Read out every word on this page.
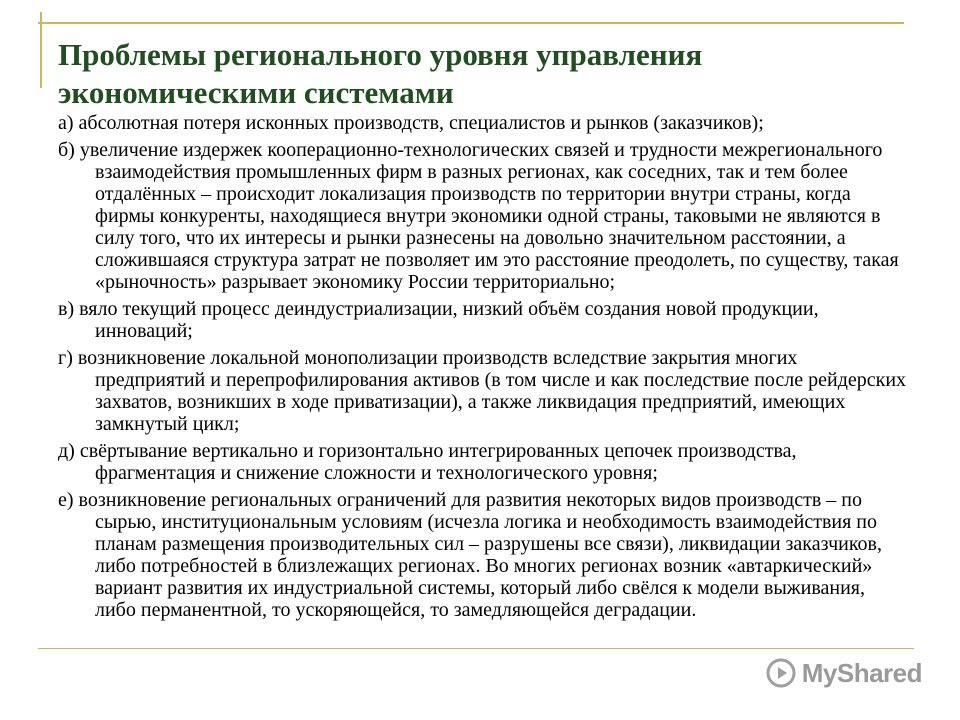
Проблемы регионального уровня управления экономическими системами

а) абсолютная потеря исконных производств, специалистов и рынков (заказчиков);

б) увеличение издержек кооперационно-технологических связей и трудности межрегионального взаимодействия промышленных фирм в разных регионах, как соседних, так и тем более отдалённых – происходит локализация производств по территории внутри страны, когда фирмы конкуренты, находящиеся внутри экономики одной страны, таковыми не являются в силу того, что их интересы и рынки разнесены на довольно значительном расстоянии, а сложившаяся структура затрат не позволяет им это расстояние преодолеть, по существу, такая «рыночность» разрывает экономику России территориально;

в) вяло текущий процесс деиндустриализации, низкий объём создания новой продукции, инноваций;

г) возникновение локальной монополизации производств вследствие закрытия многих предприятий и перепрофилирования активов (в том числе и как последствие после рейдерских захватов, возникших в ходе приватизации), а также ликвидация предприятий, имеющих замкнутый цикл;

д) свёртывание вертикально и горизонтально интегрированных цепочек производства, фрагментация и снижение сложности и технологического уровня;

е) возникновение региональных ограничений для развития некоторых видов производств – по сырью, институциональным условиям (исчезла логика и необходимость взаимодействия по планам размещения производительных сил – разрушены все связи), ликвидации заказчиков, либо потребностей в близлежащих регионах. Во многих регионах возник «автаркический» вариант развития их индустриальной системы, который либо свёлся к модели выживания, либо перманентной, то ускоряющейся, то замедляющейся деградации.

MyShared
